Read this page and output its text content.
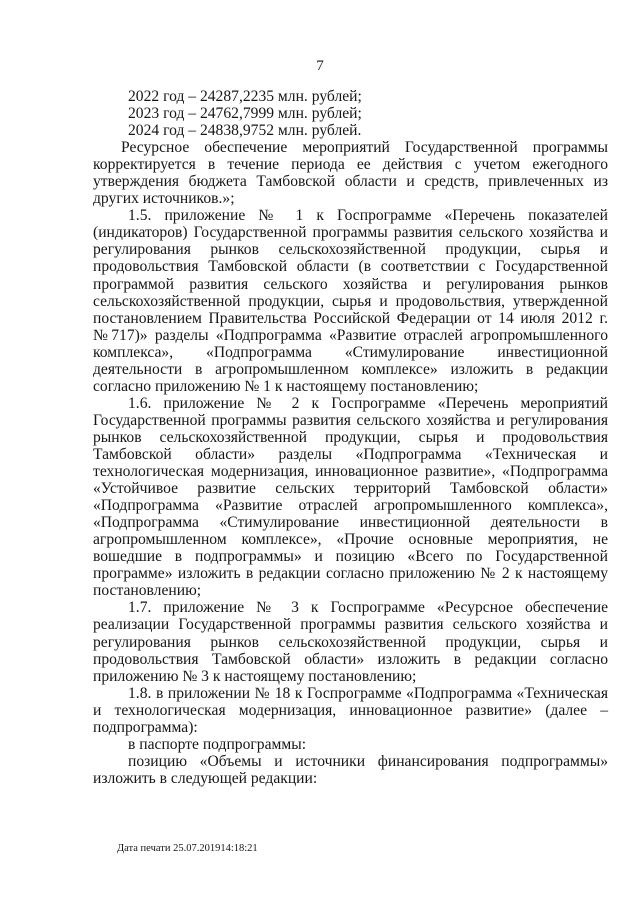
7
2022 год – 24287,2235 млн. рублей;
2023 год – 24762,7999 млн. рублей;
2024 год – 24838,9752 млн. рублей.
Ресурсное обеспечение мероприятий Государственной программы
корректируется в течение периода ее действия с учетом ежегодного
утверждения бюджета Тамбовской области и средств, привлеченных из
других источников.»;
1.5. приложение № 1 к Госпрограмме «Перечень показателей
(индикаторов) Государственной программы развития сельского хозяйства и
регулирования рынков сельскохозяйственной продукции, сырья и
продовольствия Тамбовской области (в соответствии с Государственной
программой развития сельского хозяйства и регулирования рынков
сельскохозяйственной продукции, сырья и продовольствия, утвержденной
постановлением Правительства Российской Федерации от 14 июля 2012 г.
№717)» разделы «Подпрограмма «Развитие отраслей агропромышленного
комплекса», «Подпрограмма «Стимулирование инвестиционной
деятельности в агропромышленном комплексе» изложить в редакции
согласно приложению № 1 к настоящему постановлению;
1.6. приложение № 2 к Госпрограмме «Перечень мероприятий
Государственной программы развития сельского хозяйства и регулирования
рынков сельскохозяйственной продукции, сырья и продовольствия
Тамбовской области» разделы «Подпрограмма «Техническая и
технологическая модернизация, инновационное развитие», «Подпрограмма
«Устойчивое развитие сельских территорий Тамбовской области»
«Подпрограмма «Развитие отраслей агропромышленного комплекса»,
«Подпрограмма «Стимулирование инвестиционной деятельности в
агропромышленном комплексе», «Прочие основные мероприятия, не
вошедшие в подпрограммы» и позицию «Всего по Государственной
программе» изложить в редакции согласно приложению № 2 к настоящему
постановлению;
1.7. приложение № 3 к Госпрограмме «Ресурсное обеспечение
реализации Государственной программы развития сельского хозяйства и
регулирования рынков сельскохозяйственной продукции, сырья и
продовольствия Тамбовской области» изложить в редакции согласно
приложению № 3 к настоящему постановлению;
1.8. в приложении № 18 к Госпрограмме «Подпрограмма «Техническая
и технологическая модернизация, инновационное развитие» (далее –
подпрограмма):
в паспорте подпрограммы:
позицию «Объемы и источники финансирования подпрограммы»
изложить в следующей редакции:
Дата печати 25.07.201914:18:21
